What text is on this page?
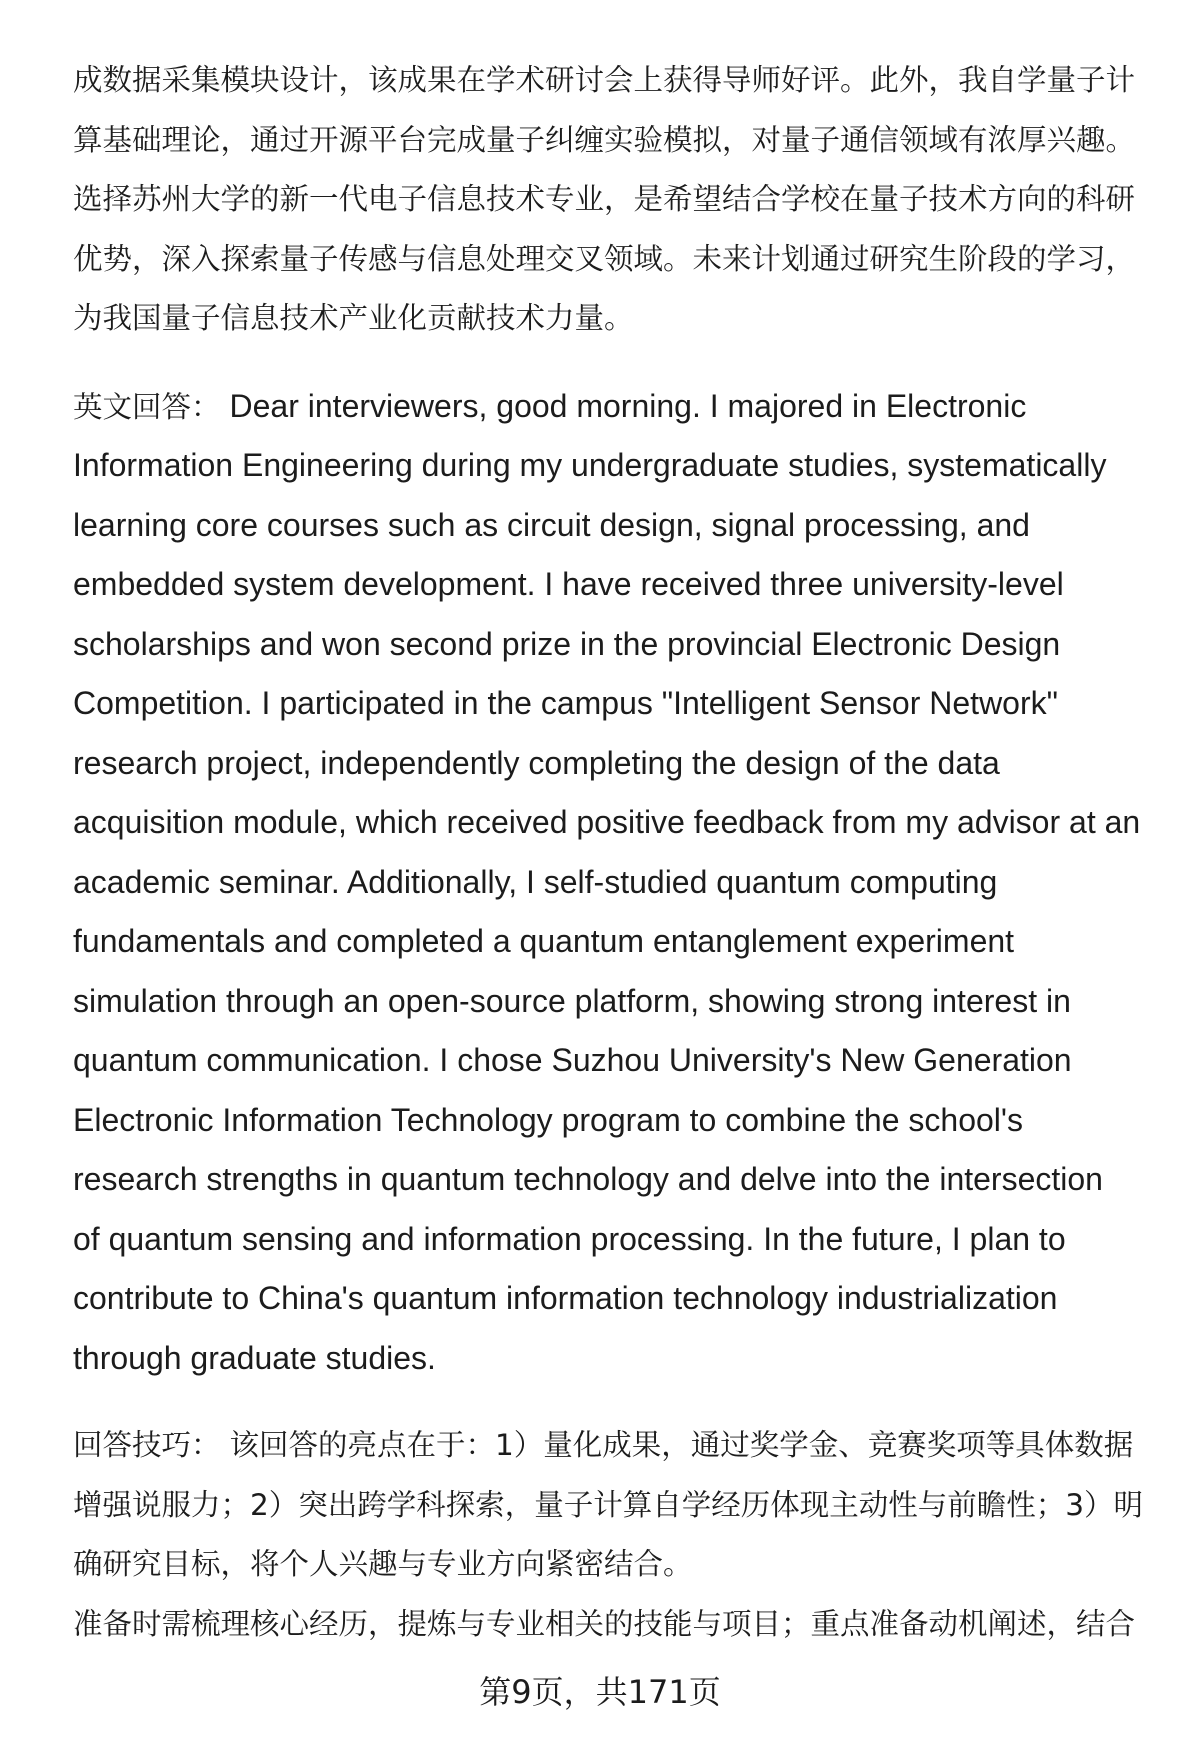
成数据采集模块设计，该成果在学术研讨会上获得导师好评。此外，我自学量子计
算基础理论，通过开源平台完成量子纠缠实验模拟，对量子通信领域有浓厚兴趣。
选择苏州大学的新一代电子信息技术专业，是希望结合学校在量子技术方向的科研
优势，深入探索量子传感与信息处理交叉领域。未来计划通过研究生阶段的学习，
为我国量子信息技术产业化贡献技术力量。
英文回答： Dear interviewers, good morning. I majored in Electronic
Information Engineering during my undergraduate studies, systematically
learning core courses such as circuit design, signal processing, and
embedded system development. I have received three university-level
scholarships and won second prize in the provincial Electronic Design
Competition. I participated in the campus "Intelligent Sensor Network"
research project, independently completing the design of the data
acquisition module, which received positive feedback from my advisor at an
academic seminar. Additionally, I self-studied quantum computing
fundamentals and completed a quantum entanglement experiment
simulation through an open-source platform, showing strong interest in
quantum communication. I chose Suzhou University's New Generation
Electronic Information Technology program to combine the school's
research strengths in quantum technology and delve into the intersection
of quantum sensing and information processing. In the future, I plan to
contribute to China's quantum information technology industrialization
through graduate studies.
回答技巧： 该回答的亮点在于：1）量化成果，通过奖学金、竞赛奖项等具体数据
增强说服力；2）突出跨学科探索，量子计算自学经历体现主动性与前瞻性；3）明
确研究目标，将个人兴趣与专业方向紧密结合。
准备时需梳理核心经历，提炼与专业相关的技能与项目；重点准备动机阐述，结合
第9页，共171页
